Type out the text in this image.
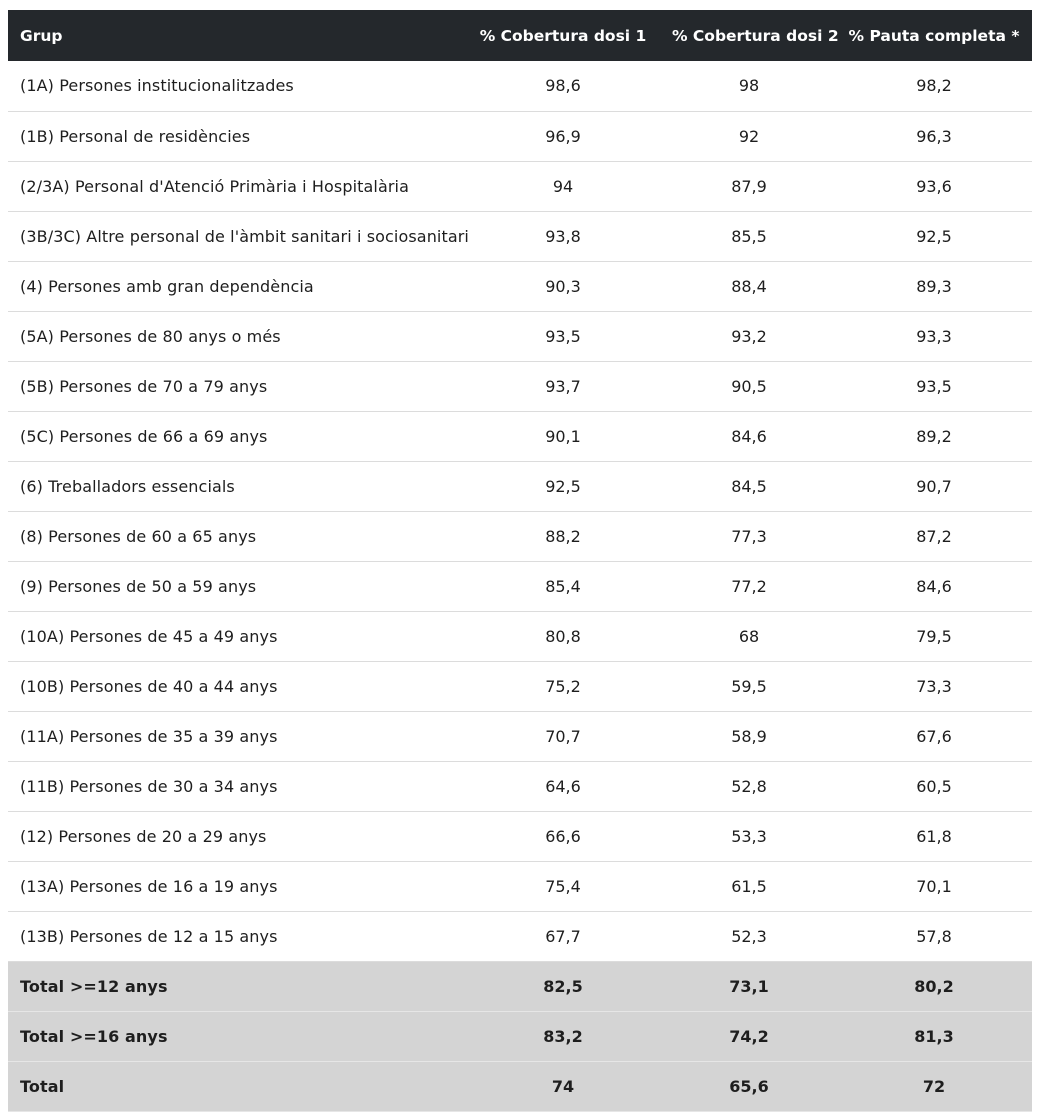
Grup	% Cobertura dosi 1	% Cobertura dosi 2	% Pauta completa *
(1A) Persones institucionalitzades	98,6	98	98,2
(1B) Personal de residències	96,9	92	96,3
(2/3A) Personal d'Atenció Primària i Hospitalària	94	87,9	93,6
(3B/3C) Altre personal de l'àmbit sanitari i sociosanitari	93,8	85,5	92,5
(4) Persones amb gran dependència	90,3	88,4	89,3
(5A) Persones de 80 anys o més	93,5	93,2	93,3
(5B) Persones de 70 a 79 anys	93,7	90,5	93,5
(5C) Persones de 66 a 69 anys	90,1	84,6	89,2
(6) Treballadors essencials	92,5	84,5	90,7
(8) Persones de 60 a 65 anys	88,2	77,3	87,2
(9) Persones de 50 a 59 anys	85,4	77,2	84,6
(10A) Persones de 45 a 49 anys	80,8	68	79,5
(10B) Persones de 40 a 44 anys	75,2	59,5	73,3
(11A) Persones de 35 a 39 anys	70,7	58,9	67,6
(11B) Persones de 30 a 34 anys	64,6	52,8	60,5
(12) Persones de 20 a 29 anys	66,6	53,3	61,8
(13A) Persones de 16 a 19 anys	75,4	61,5	70,1
(13B) Persones de 12 a 15 anys	67,7	52,3	57,8
Total >=12 anys	82,5	73,1	80,2
Total >=16 anys	83,2	74,2	81,3
Total	74	65,6	72
